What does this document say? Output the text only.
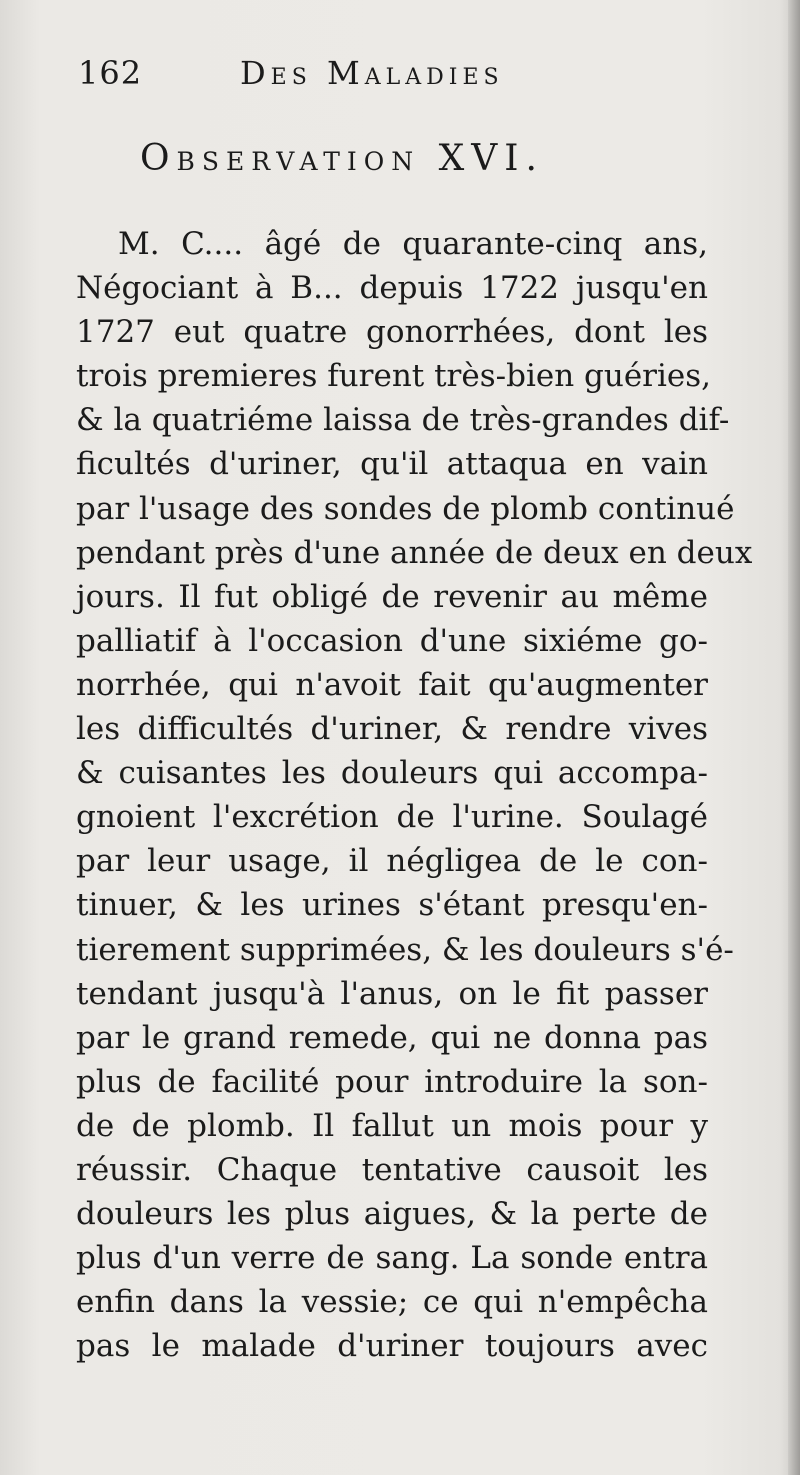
162	Des Maladies
Observation XVI.
M. C.... âgé de quarante-cinq ans,
Négociant à B... depuis 1722 jusqu'en
1727 eut quatre gonorrhées, dont les
trois premieres furent très-bien guéries,
& la quatriéme laissa de très-grandes dif-
ficultés d'uriner, qu'il attaqua en vain
par l'usage des sondes de plomb continué
pendant près d'une année de deux en deux
jours. Il fut obligé de revenir au même
palliatif à l'occasion d'une sixiéme go-
norrhée, qui n'avoit fait qu'augmenter
les difficultés d'uriner, & rendre vives
& cuisantes les douleurs qui accompa-
gnoient l'excrétion de l'urine. Soulagé
par leur usage, il négligea de le con-
tinuer, & les urines s'étant presqu'en-
tierement supprimées, & les douleurs s'é-
tendant jusqu'à l'anus, on le fit passer
par le grand remede, qui ne donna pas
plus de facilité pour introduire la son-
de de plomb. Il fallut un mois pour y
réussir. Chaque tentative causoit les
douleurs les plus aigues, & la perte de
plus d'un verre de sang. La sonde entra
enfin dans la vessie; ce qui n'empêcha
pas le malade d'uriner toujours avec
